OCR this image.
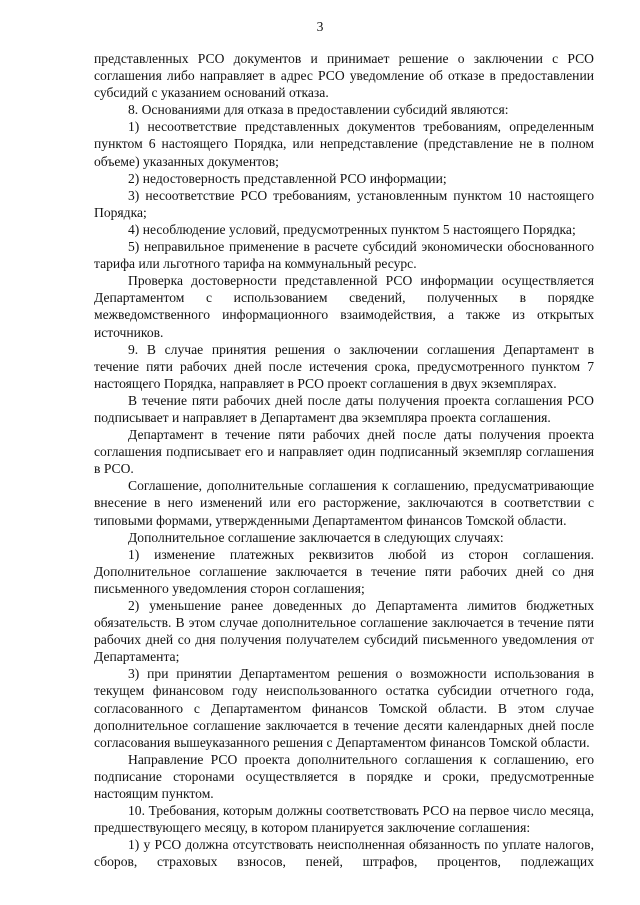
3

представленных РСО документов и принимает решение о заключении с РСО соглашения либо направляет в адрес РСО уведомление об отказе в предоставлении субсидий с указанием оснований отказа.

8. Основаниями для отказа в предоставлении субсидий являются:

1) несоответствие представленных документов требованиям, определенным пунктом 6 настоящего Порядка, или непредставление (представление не в полном объеме) указанных документов;

2) недостоверность представленной РСО информации;

3) несоответствие РСО требованиям, установленным пунктом 10 настоящего Порядка;

4) несоблюдение условий, предусмотренных пунктом 5 настоящего Порядка;

5) неправильное применение в расчете субсидий экономически обоснованного тарифа или льготного тарифа на коммунальный ресурс.

Проверка достоверности представленной РСО информации осуществляется Департаментом с использованием сведений, полученных в порядке межведомственного информационного взаимодействия, а также из открытых источников.

9. В случае принятия решения о заключении соглашения Департамент в течение пяти рабочих дней после истечения срока, предусмотренного пунктом 7 настоящего Порядка, направляет в РСО проект соглашения в двух экземплярах.

В течение пяти рабочих дней после даты получения проекта соглашения РСО подписывает и направляет в Департамент два экземпляра проекта соглашения.

Департамент в течение пяти рабочих дней после даты получения проекта соглашения подписывает его и направляет один подписанный экземпляр соглашения в РСО.

Соглашение, дополнительные соглашения к соглашению, предусматривающие внесение в него изменений или его расторжение, заключаются в соответствии с типовыми формами, утвержденными Департаментом финансов Томской области.

Дополнительное соглашение заключается в следующих случаях:

1) изменение платежных реквизитов любой из сторон соглашения. Дополнительное соглашение заключается в течение пяти рабочих дней со дня письменного уведомления сторон соглашения;

2) уменьшение ранее доведенных до Департамента лимитов бюджетных обязательств. В этом случае дополнительное соглашение заключается в течение пяти рабочих дней со дня получения получателем субсидий письменного уведомления от Департамента;

3) при принятии Департаментом решения о возможности использования в текущем финансовом году неиспользованного остатка субсидии отчетного года, согласованного с Департаментом финансов Томской области. В этом случае дополнительное соглашение заключается в течение десяти календарных дней после согласования вышеуказанного решения с Департаментом финансов Томской области.

Направление РСО проекта дополнительного соглашения к соглашению, его подписание сторонами осуществляется в порядке и сроки, предусмотренные настоящим пунктом.

10. Требования, которым должны соответствовать РСО на первое число месяца, предшествующего месяцу, в котором планируется заключение соглашения:

1) у РСО должна отсутствовать неисполненная обязанность по уплате налогов, сборов, страховых взносов, пеней, штрафов, процентов, подлежащих
